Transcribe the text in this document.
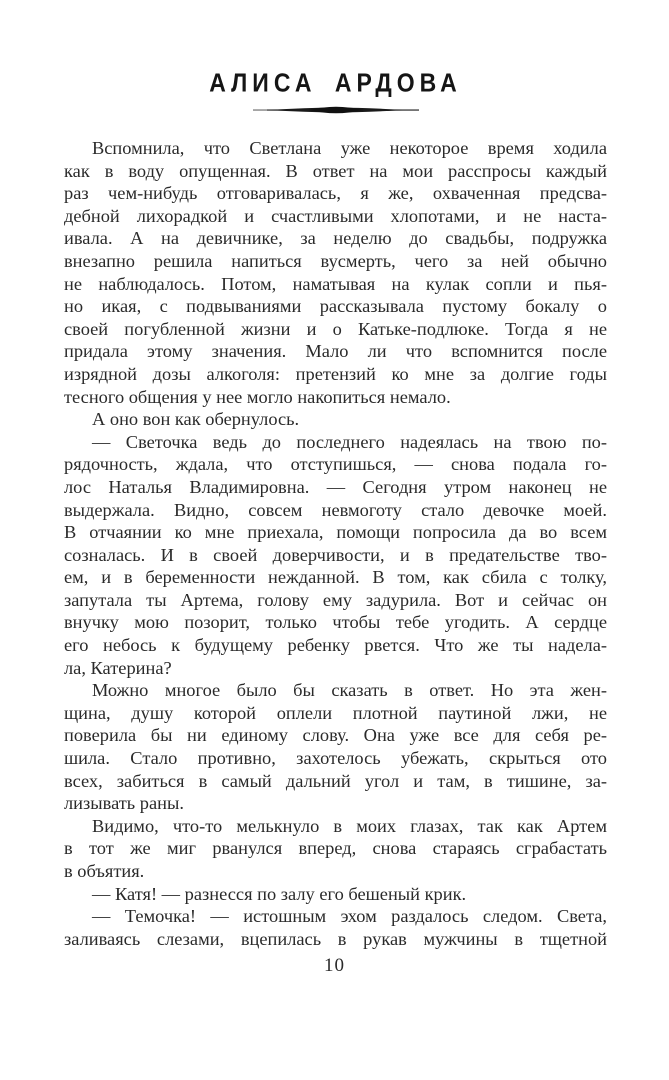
АЛИСА АРДОВА
Вспомнила, что Светлана уже некоторое время ходила
как в воду опущенная. В ответ на мои расспросы каждый
раз чем-нибудь отговаривалась, я же, охваченная предсва-
дебной лихорадкой и счастливыми хлопотами, и не наста-
ивала. А на девичнике, за неделю до свадьбы, подружка
внезапно решила напиться вусмерть, чего за ней обычно
не наблюдалось. Потом, наматывая на кулак сопли и пья-
но икая, с подвываниями рассказывала пустому бокалу о
своей погубленной жизни и о Катьке-подлюке. Тогда я не
придала этому значения. Мало ли что вспомнится после
изрядной дозы алкоголя: претензий ко мне за долгие годы
тесного общения у нее могло накопиться немало.
А оно вон как обернулось.
— Светочка ведь до последнего надеялась на твою по-
рядочность, ждала, что отступишься, — снова подала го-
лос Наталья Владимировна. — Сегодня утром наконец не
выдержала. Видно, совсем невмоготу стало девочке моей.
В отчаянии ко мне приехала, помощи попросила да во всем
созналась. И в своей доверчивости, и в предательстве тво-
ем, и в беременности нежданной. В том, как сбила с толку,
запутала ты Артема, голову ему задурила. Вот и сейчас он
внучку мою позорит, только чтобы тебе угодить. А сердце
его небось к будущему ребенку рвется. Что же ты надела-
ла, Катерина?
Можно многое было бы сказать в ответ. Но эта жен-
щина, душу которой оплели плотной паутиной лжи, не
поверила бы ни единому слову. Она уже все для себя ре-
шила. Стало противно, захотелось убежать, скрыться ото
всех, забиться в самый дальний угол и там, в тишине, за-
лизывать раны.
Видимо, что-то мелькнуло в моих глазах, так как Артем
в тот же миг рванулся вперед, снова стараясь сграбастать
в объятия.
— Катя! — разнесся по залу его бешеный крик.
— Темочка! — истошным эхом раздалось следом. Света,
заливаясь слезами, вцепилась в рукав мужчины в тщетной
10
